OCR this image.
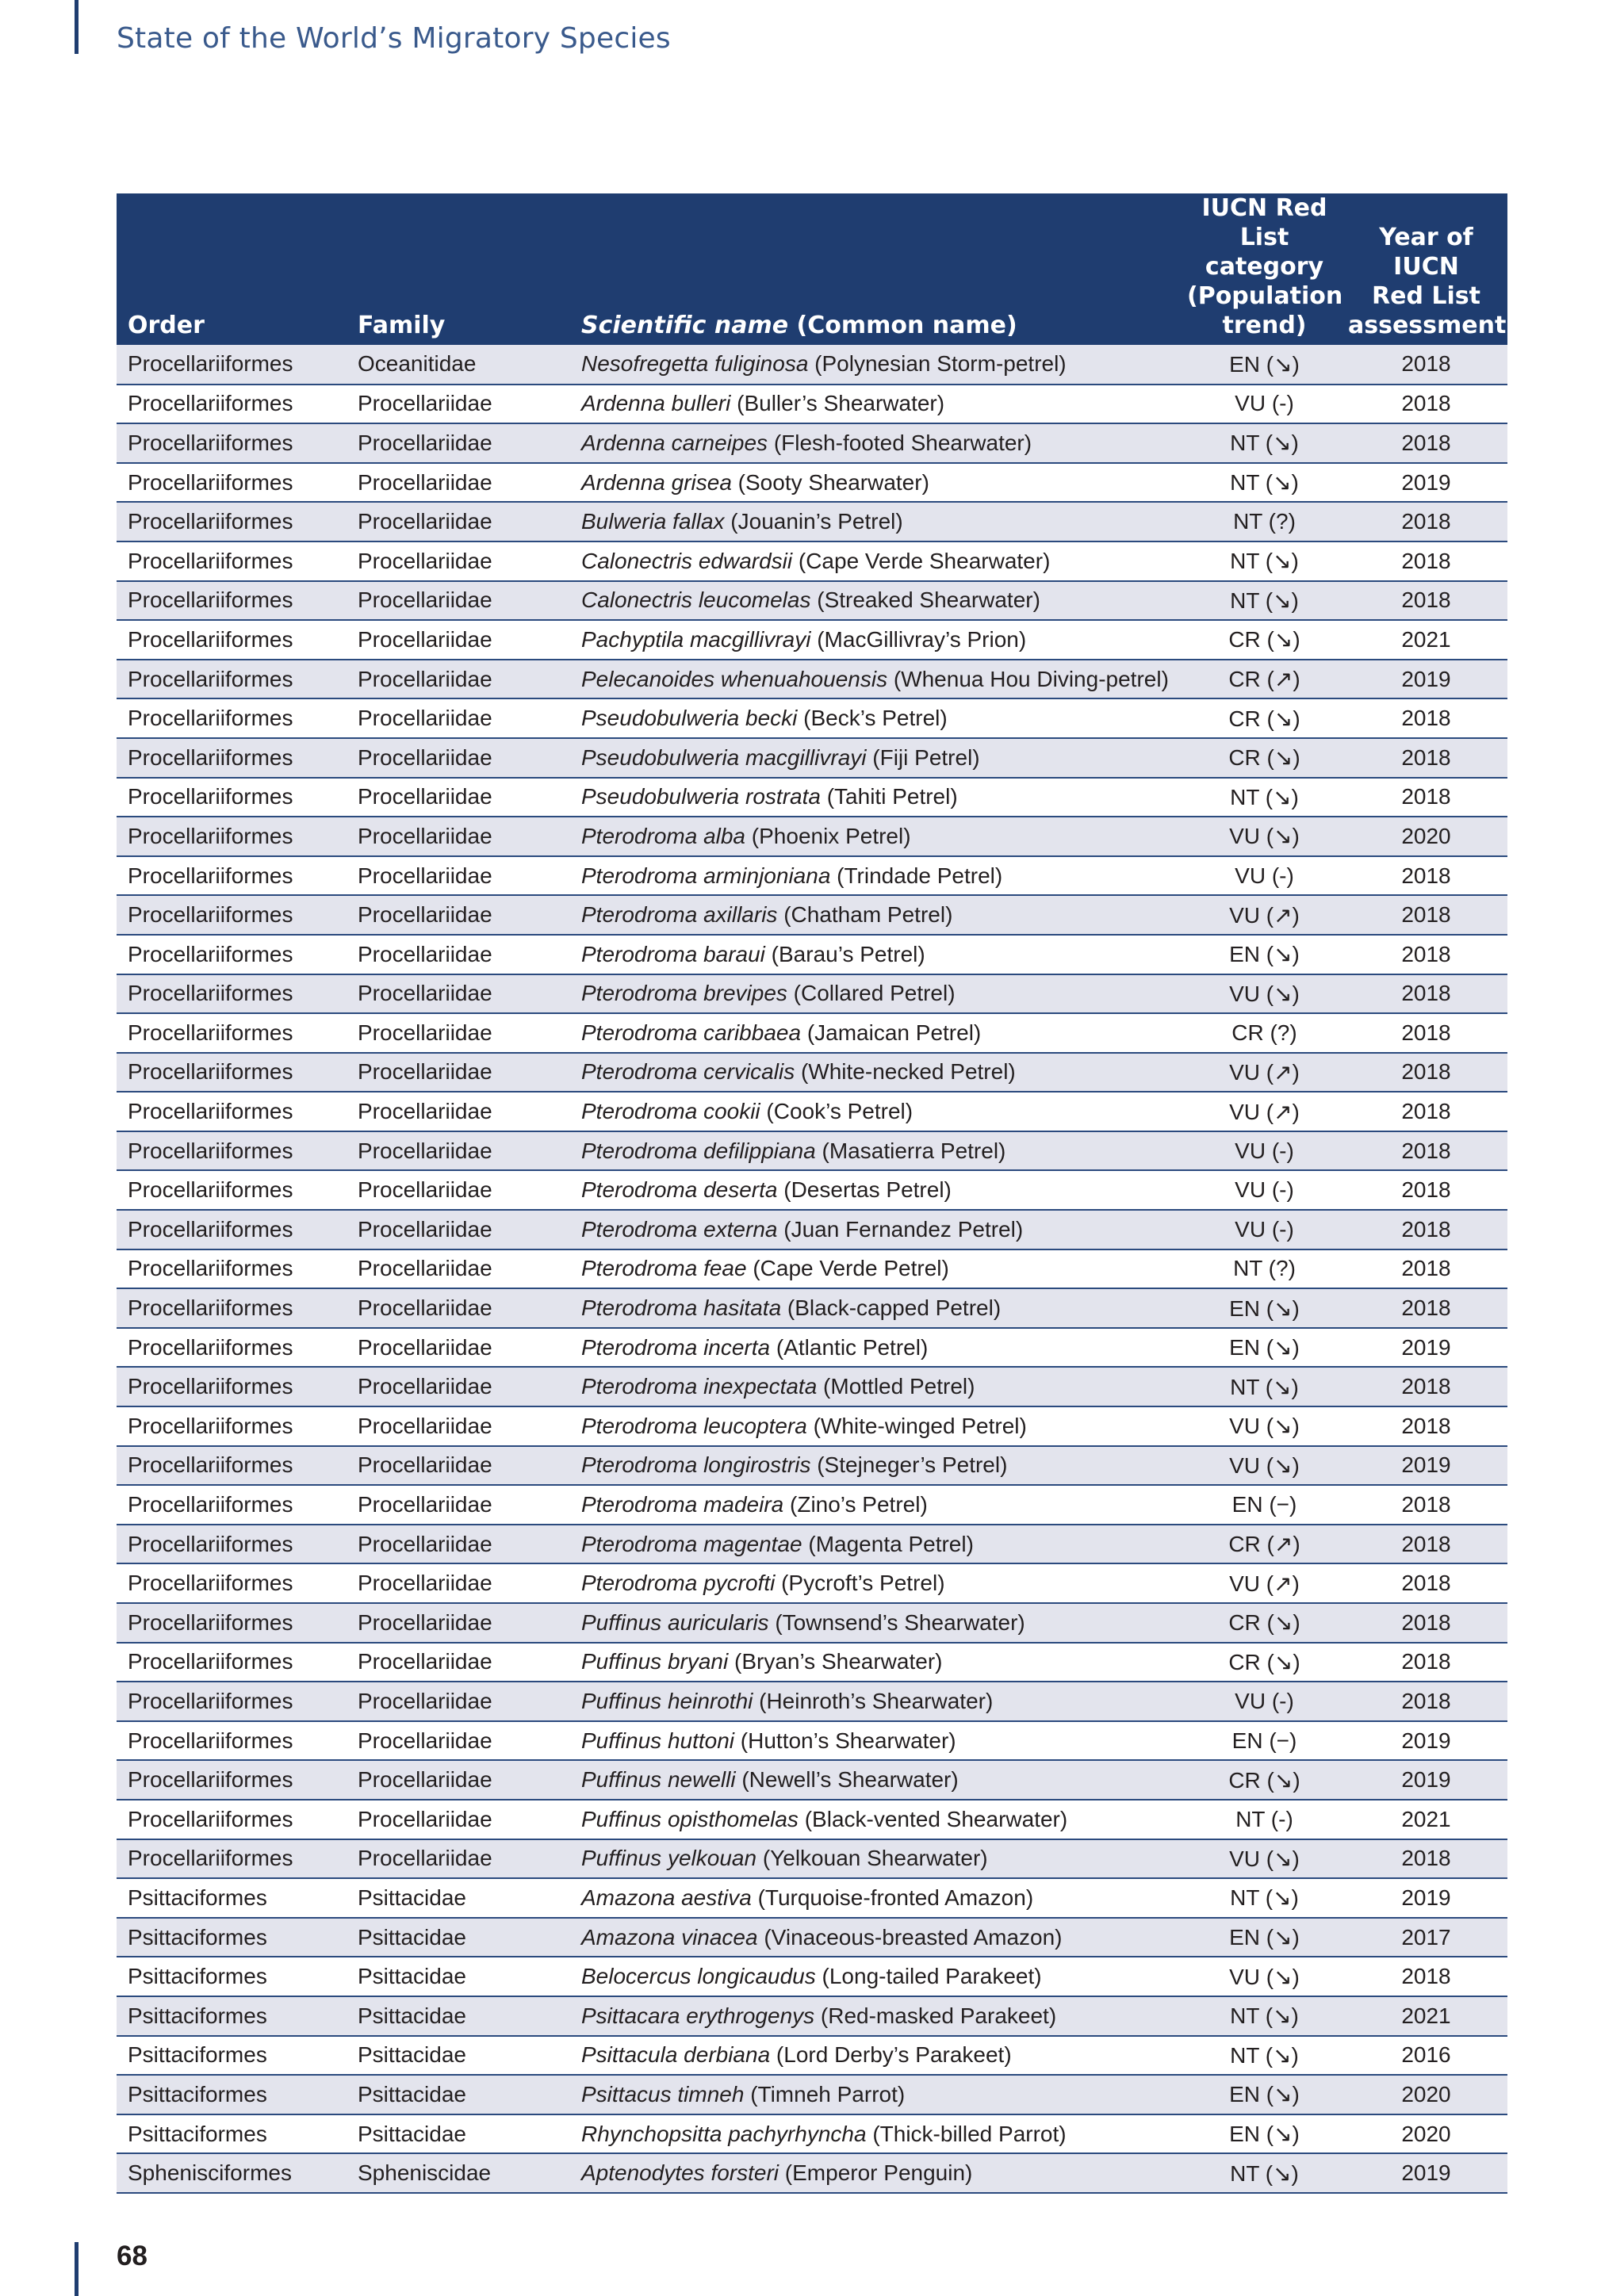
State of the World’s Migratory Species
Order	Family	Scientific name (Common name)	IUCN Red
List category
(Population
trend)	Year of IUCN
Red List
assessment
Procellariiformes	Oceanitidae	Nesofregetta fuliginosa (Polynesian Storm-petrel)	EN (↘)	2018
Procellariiformes	Procellariidae	Ardenna bulleri (Buller’s Shearwater)	VU (-)	2018
Procellariiformes	Procellariidae	Ardenna carneipes (Flesh-footed Shearwater)	NT (↘)	2018
Procellariiformes	Procellariidae	Ardenna grisea (Sooty Shearwater)	NT (↘)	2019
Procellariiformes	Procellariidae	Bulweria fallax (Jouanin’s Petrel)	NT (?)	2018
Procellariiformes	Procellariidae	Calonectris edwardsii (Cape Verde Shearwater)	NT (↘)	2018
Procellariiformes	Procellariidae	Calonectris leucomelas (Streaked Shearwater)	NT (↘)	2018
Procellariiformes	Procellariidae	Pachyptila macgillivrayi (MacGillivray’s Prion)	CR (↘)	2021
Procellariiformes	Procellariidae	Pelecanoides whenuahouensis (Whenua Hou Diving-petrel)	CR (↗)	2019
Procellariiformes	Procellariidae	Pseudobulweria becki (Beck’s Petrel)	CR (↘)	2018
Procellariiformes	Procellariidae	Pseudobulweria macgillivrayi (Fiji Petrel)	CR (↘)	2018
Procellariiformes	Procellariidae	Pseudobulweria rostrata (Tahiti Petrel)	NT (↘)	2018
Procellariiformes	Procellariidae	Pterodroma alba (Phoenix Petrel)	VU (↘)	2020
Procellariiformes	Procellariidae	Pterodroma arminjoniana (Trindade Petrel)	VU (-)	2018
Procellariiformes	Procellariidae	Pterodroma axillaris (Chatham Petrel)	VU (↗)	2018
Procellariiformes	Procellariidae	Pterodroma baraui (Barau’s Petrel)	EN (↘)	2018
Procellariiformes	Procellariidae	Pterodroma brevipes (Collared Petrel)	VU (↘)	2018
Procellariiformes	Procellariidae	Pterodroma caribbaea (Jamaican Petrel)	CR (?)	2018
Procellariiformes	Procellariidae	Pterodroma cervicalis (White-necked Petrel)	VU (↗)	2018
Procellariiformes	Procellariidae	Pterodroma cookii (Cook’s Petrel)	VU (↗)	2018
Procellariiformes	Procellariidae	Pterodroma defilippiana (Masatierra Petrel)	VU (-)	2018
Procellariiformes	Procellariidae	Pterodroma deserta (Desertas Petrel)	VU (-)	2018
Procellariiformes	Procellariidae	Pterodroma externa (Juan Fernandez Petrel)	VU (-)	2018
Procellariiformes	Procellariidae	Pterodroma feae (Cape Verde Petrel)	NT (?)	2018
Procellariiformes	Procellariidae	Pterodroma hasitata (Black-capped Petrel)	EN (↘)	2018
Procellariiformes	Procellariidae	Pterodroma incerta (Atlantic Petrel)	EN (↘)	2019
Procellariiformes	Procellariidae	Pterodroma inexpectata (Mottled Petrel)	NT (↘)	2018
Procellariiformes	Procellariidae	Pterodroma leucoptera (White-winged Petrel)	VU (↘)	2018
Procellariiformes	Procellariidae	Pterodroma longirostris (Stejneger’s Petrel)	VU (↘)	2019
Procellariiformes	Procellariidae	Pterodroma madeira (Zino’s Petrel)	EN (−)	2018
Procellariiformes	Procellariidae	Pterodroma magentae (Magenta Petrel)	CR (↗)	2018
Procellariiformes	Procellariidae	Pterodroma pycrofti (Pycroft’s Petrel)	VU (↗)	2018
Procellariiformes	Procellariidae	Puffinus auricularis (Townsend’s Shearwater)	CR (↘)	2018
Procellariiformes	Procellariidae	Puffinus bryani (Bryan’s Shearwater)	CR (↘)	2018
Procellariiformes	Procellariidae	Puffinus heinrothi (Heinroth’s Shearwater)	VU (-)	2018
Procellariiformes	Procellariidae	Puffinus huttoni (Hutton’s Shearwater)	EN (−)	2019
Procellariiformes	Procellariidae	Puffinus newelli (Newell’s Shearwater)	CR (↘)	2019
Procellariiformes	Procellariidae	Puffinus opisthomelas (Black-vented Shearwater)	NT (-)	2021
Procellariiformes	Procellariidae	Puffinus yelkouan (Yelkouan Shearwater)	VU (↘)	2018
Psittaciformes	Psittacidae	Amazona aestiva (Turquoise-fronted Amazon)	NT (↘)	2019
Psittaciformes	Psittacidae	Amazona vinacea (Vinaceous-breasted Amazon)	EN (↘)	2017
Psittaciformes	Psittacidae	Belocercus longicaudus (Long-tailed Parakeet)	VU (↘)	2018
Psittaciformes	Psittacidae	Psittacara erythrogenys (Red-masked Parakeet)	NT (↘)	2021
Psittaciformes	Psittacidae	Psittacula derbiana (Lord Derby’s Parakeet)	NT (↘)	2016
Psittaciformes	Psittacidae	Psittacus timneh (Timneh Parrot)	EN (↘)	2020
Psittaciformes	Psittacidae	Rhynchopsitta pachyrhyncha (Thick-billed Parrot)	EN (↘)	2020
Sphenisciformes	Spheniscidae	Aptenodytes forsteri (Emperor Penguin)	NT (↘)	2019
68
